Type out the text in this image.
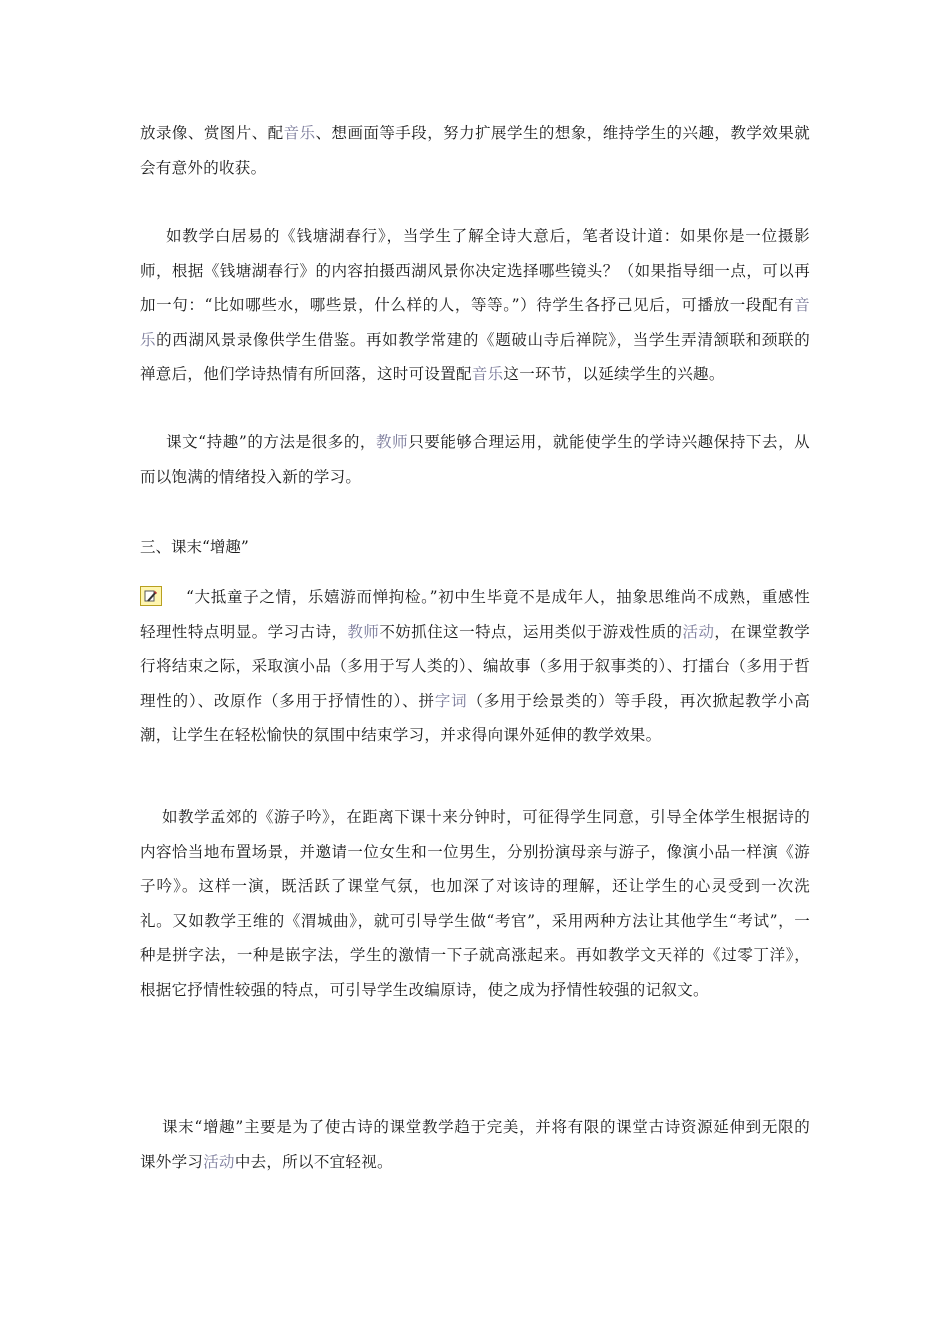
放录像、赏图片、配音乐、想画面等手段，努力扩展学生的想象，维持学生的兴趣，教学效果就会有意外的收获。

如教学白居易的《钱塘湖春行》，当学生了解全诗大意后，笔者设计道：如果你是一位摄影师，根据《钱塘湖春行》的内容拍摄西湖风景你决定选择哪些镜头？（如果指导细一点，可以再加一句：“比如哪些水，哪些景，什么样的人，等等。”）待学生各抒己见后，可播放一段配有音乐的西湖风景录像供学生借鉴。再如教学常建的《题破山寺后禅院》，当学生弄清颔联和颈联的禅意后，他们学诗热情有所回落，这时可设置配音乐这一环节，以延续学生的兴趣。

课文“持趣”的方法是很多的，教师只要能够合理运用，就能使学生的学诗兴趣保持下去，从而以饱满的情绪投入新的学习。

三、课末“增趣”

“大抵童子之情，乐嬉游而惮拘检。”初中生毕竟不是成年人，抽象思维尚不成熟，重感性轻理性特点明显。学习古诗，教师不妨抓住这一特点，运用类似于游戏性质的活动，在课堂教学行将结束之际，采取演小品（多用于写人类的）、编故事（多用于叙事类的）、打擂台（多用于哲理性的）、改原作（多用于抒情性的）、拼字词（多用于绘景类的）等手段，再次掀起教学小高潮，让学生在轻松愉快的氛围中结束学习，并求得向课外延伸的教学效果。

如教学孟郊的《游子吟》，在距离下课十来分钟时，可征得学生同意，引导全体学生根据诗的内容恰当地布置场景，并邀请一位女生和一位男生，分别扮演母亲与游子，像演小品一样演《游子吟》。这样一演，既活跃了课堂气氛，也加深了对该诗的理解，还让学生的心灵受到一次洗礼。又如教学王维的《渭城曲》，就可引导学生做“考官”，采用两种方法让其他学生“考试”，一种是拼字法，一种是嵌字法，学生的激情一下子就高涨起来。再如教学文天祥的《过零丁洋》，根据它抒情性较强的特点，可引导学生改编原诗，使之成为抒情性较强的记叙文。

课末“增趣”主要是为了使古诗的课堂教学趋于完美，并将有限的课堂古诗资源延伸到无限的课外学习活动中去，所以不宜轻视。
